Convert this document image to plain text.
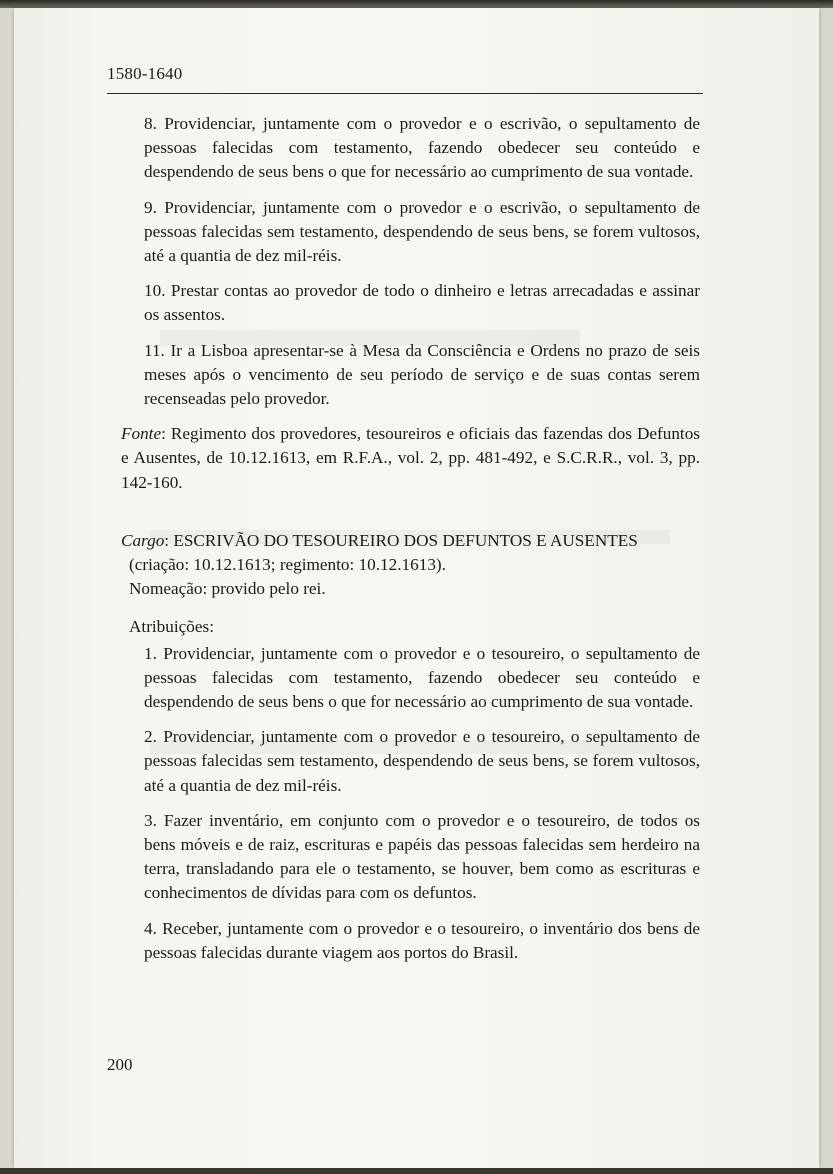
1580-1640

8. Providenciar, juntamente com o provedor e o escrivão, o sepultamento de pessoas falecidas com testamento, fazendo obedecer seu conteúdo e despendendo de seus bens o que for necessário ao cumprimento de sua vontade.

9. Providenciar, juntamente com o provedor e o escrivão, o sepultamento de pessoas falecidas sem testamento, despendendo de seus bens, se forem vultosos, até a quantia de dez mil-réis.

10. Prestar contas ao provedor de todo o dinheiro e letras arrecadadas e assinar os assentos.

11. Ir a Lisboa apresentar-se à Mesa da Consciência e Ordens no prazo de seis meses após o vencimento de seu período de serviço e de suas contas serem recenseadas pelo provedor.

Fonte: Regimento dos provedores, tesoureiros e oficiais das fazendas dos Defuntos e Ausentes, de 10.12.1613, em R.F.A., vol. 2, pp. 481-492, e S.C.R.R., vol. 3, pp. 142-160.

Cargo: ESCRIVÃO DO TESOUREIRO DOS DEFUNTOS E AUSENTES

(criação: 10.12.1613; regimento: 10.12.1613).

Nomeação: provido pelo rei.

Atribuições:

1. Providenciar, juntamente com o provedor e o tesoureiro, o sepultamento de pessoas falecidas com testamento, fazendo obedecer seu conteúdo e despendendo de seus bens o que for necessário ao cumprimento de sua vontade.

2. Providenciar, juntamente com o provedor e o tesoureiro, o sepultamento de pessoas falecidas sem testamento, despendendo de seus bens, se forem vultosos, até a quantia de dez mil-réis.

3. Fazer inventário, em conjunto com o provedor e o tesoureiro, de todos os bens móveis e de raiz, escrituras e papéis das pessoas falecidas sem herdeiro na terra, transladando para ele o testamento, se houver, bem como as escrituras e conhecimentos de dívidas para com os defuntos.

4. Receber, juntamente com o provedor e o tesoureiro, o inventário dos bens de pessoas falecidas durante viagem aos portos do Brasil.

200
